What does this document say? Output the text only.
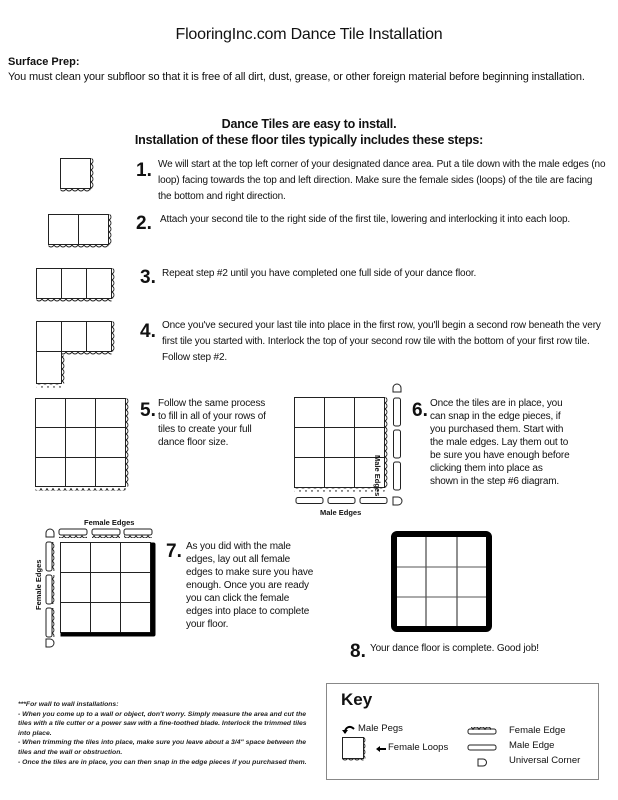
FlooringInc.com Dance Tile Installation
Surface Prep:
You must clean your subfloor so that it is free of all dirt, dust, grease, or other foreign material before beginning installation.
Dance Tiles are easy to install.
Installation of these floor tiles typically includes these steps:
1. We will start at the top left corner of your designated dance area. Put a tile down with the male edges (no loop) facing towards the top and left direction. Make sure the female sides (loops) of the tile are facing the bottom and right direction.
2. Attach your second tile to the right side of the first tile, lowering and interlocking it into each loop.
3. Repeat step #2 until you have completed one full side of your dance floor.
4. Once you've secured your last tile into place in the first row, you'll begin a second row beneath the very first tile you started with. Interlock the top of your second row tile with the bottom of your first row tile. Follow step #2.
5. Follow the same process to fill in all of your rows of tiles to create your full dance floor size.
Male Edges
Male Edges
6. Once the tiles are in place, you can snap in the edge pieces, if you purchased them. Start with the male edges. Lay them out to be sure you have enough before clicking them into place as shown in the step #6 diagram.
Female Edges
Female Edges
7. As you did with the male edges, lay out all female edges to make sure you have enough. Once you are ready you can click the female edges into place to complete your floor.
8. Your dance floor is complete. Good job!
***For wall to wall installations:
- When you come up to a wall or object, don't worry. Simply measure the area and cut the tiles with a tile cutter or a power saw with a fine-toothed blade. Interlock the trimmed tiles into place.
- When trimming the tiles into place, make sure you leave about a 3/4" space between the tiles and the wall or obstruction.
- Once the tiles are in place, you can then snap in the edge pieces if you purchased them.
Key
Male Pegs
Female Loops
Female Edge
Male Edge
Universal Corner
